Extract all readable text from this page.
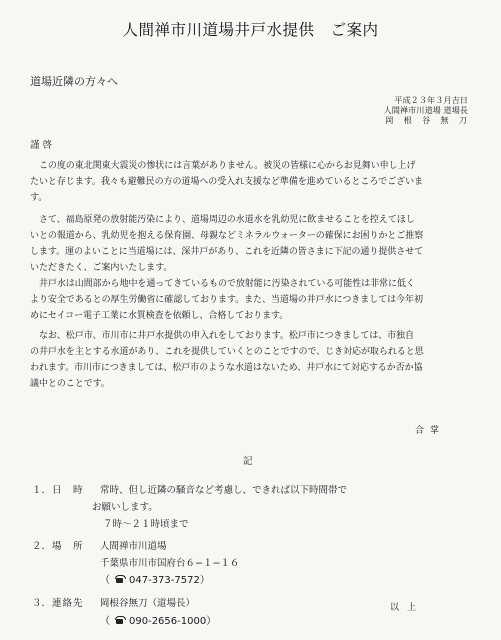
人間禅市川道場井戸水提供　ご案内
道場近隣の方々へ
平成２３年３月吉日
人間禅市川道場 道場長
岡　根　谷　無　刀
謹啓
　この度の東北関東大震災の惨状には言葉がありません。被災の皆様に心からお見舞い申し上げ
たいと存じます。我々も避難民の方の道場への受入れ支援など準備を進めているところでございま
す。
　さて、福島原発の放射能汚染により、道場周辺の水道水を乳幼児に飲ませることを控えてほし
いとの報道から、乳幼児を抱える保育園、母親などミネラルウォーターの確保にお困りかとご推察
します。運のよいことに当道場には、深井戸があり、これを近隣の皆さまに下記の通り提供させて
いただきたく、ご案内いたします。
　井戸水は山間部から地中を通ってきているもので放射能に汚染されている可能性は非常に低く
より安全であるとの厚生労働省に確認しております。また、当道場の井戸水につきましては今年初
めにセイコー電子工業に水質検査を依頼し、合格しております。
　なお、松戸市、市川市に井戸水提供の申入れをしております。松戸市につきましては、市独自
の井戸水を主とする水道があり、これを提供していくとのことですので、じき対応が取られると思
われます。市川市につきましては、松戸市のような水道はないため、井戸水にて対応するか否か協
議中とのことです。
合掌
記
１． 日　時 常時、但し近隣の騒音など考慮し、できれば以下時間帯で
お願いします。
７時〜２１時頃まで
２． 場　所 人間禅市川道場
千葉県市川市国府台６−１−１６
（ 047-373-7572）
３． 連絡先 岡根谷無刀（道場長）
（ 090-2656-1000）
以上
